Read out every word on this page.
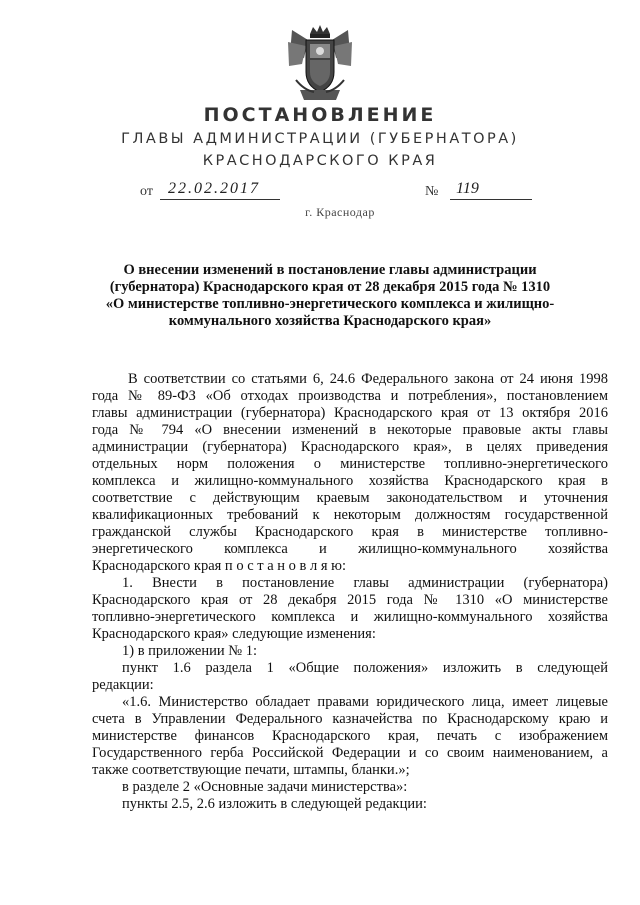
ПОСТАНОВЛЕНИЕ
ГЛАВЫ АДМИНИСТРАЦИИ (ГУБЕРНАТОРА)
КРАСНОДАРСКОГО КРАЯ
от 22.02.2017	№ 119
г. Краснодар
О внесении изменений в постановление главы администрации
(губернатора) Краснодарского края от 28 декабря 2015 года № 1310
«О министерстве топливно-энергетического комплекса и жилищно-
коммунального хозяйства Краснодарского края»
В соответствии со статьями 6, 24.6 Федерального закона от 24 июня 1998
года № 89-ФЗ «Об отходах производства и потребления», постановлением
главы администрации (губернатора) Краснодарского края от 13 октября 2016
года № 794 «О внесении изменений в некоторые правовые акты главы
администрации (губернатора) Краснодарского края», в целях приведения
отдельных норм положения о министерстве топливно-энергетического
комплекса и жилищно-коммунального хозяйства Краснодарского края в
соответствие с действующим краевым законодательством и уточнения
квалификационных требований к некоторым должностям государственной
гражданской службы Краснодарского края в министерстве топливно-
энергетического комплекса и жилищно-коммунального хозяйства
Краснодарского края п о с т а н о в л я ю:
1. Внести в постановление главы администрации (губернатора)
Краснодарского края от 28 декабря 2015 года № 1310 «О министерстве
топливно-энергетического комплекса и жилищно-коммунального хозяйства
Краснодарского края» следующие изменения:
1) в приложении № 1:
пункт 1.6 раздела 1 «Общие положения» изложить в следующей
редакции:
«1.6. Министерство обладает правами юридического лица, имеет лицевые
счета в Управлении Федерального казначейства по Краснодарскому краю и
министерстве финансов Краснодарского края, печать с изображением
Государственного герба Российской Федерации и со своим наименованием, а
также соответствующие печати, штампы, бланки.»;
в разделе 2 «Основные задачи министерства»:
пункты 2.5, 2.6 изложить в следующей редакции:
